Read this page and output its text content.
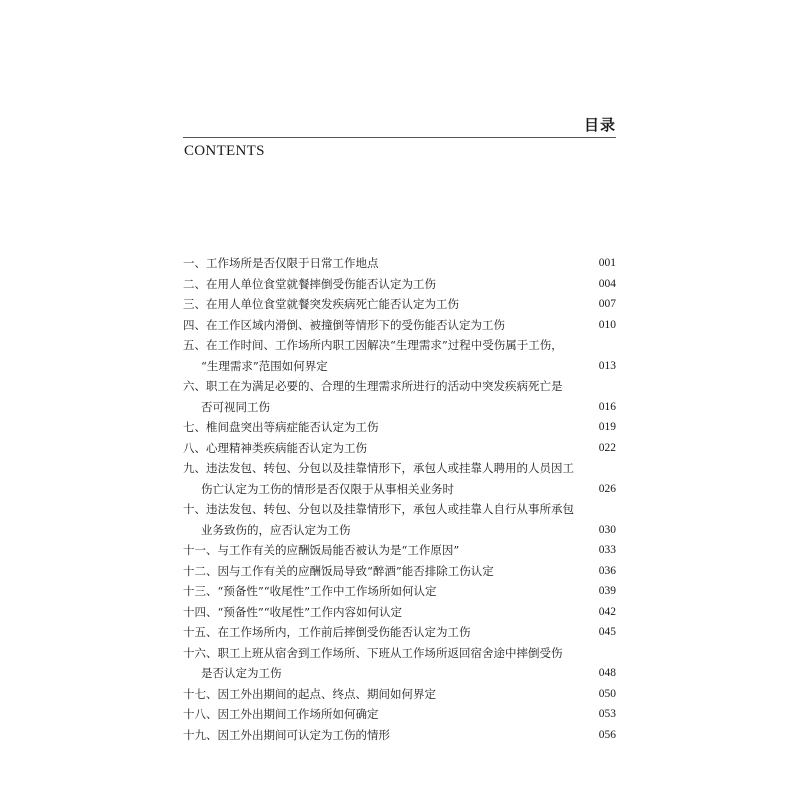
目录
CONTENTS
一、工作场所是否仅限于日常工作地点	001
二、在用人单位食堂就餐摔倒受伤能否认定为工伤	004
三、在用人单位食堂就餐突发疾病死亡能否认定为工伤	007
四、在工作区域内滑倒、被撞倒等情形下的受伤能否认定为工伤	010
五、在工作时间、工作场所内职工因解决“生理需求”过程中受伤属于工伤，
“生理需求”范围如何界定	013
六、职工在为满足必要的、合理的生理需求所进行的活动中突发疾病死亡是
否可视同工伤	016
七、椎间盘突出等病症能否认定为工伤	019
八、心理精神类疾病能否认定为工伤	022
九、违法发包、转包、分包以及挂靠情形下，承包人或挂靠人聘用的人员因工
伤亡认定为工伤的情形是否仅限于从事相关业务时	026
十、违法发包、转包、分包以及挂靠情形下，承包人或挂靠人自行从事所承包
业务致伤的，应否认定为工伤	030
十一、与工作有关的应酬饭局能否被认为是“工作原因”	033
十二、因与工作有关的应酬饭局导致“醉酒”能否排除工伤认定	036
十三、“预备性”“收尾性”工作中工作场所如何认定	039
十四、“预备性”“收尾性”工作内容如何认定	042
十五、在工作场所内，工作前后摔倒受伤能否认定为工伤	045
十六、职工上班从宿舍到工作场所、下班从工作场所返回宿舍途中摔倒受伤
是否认定为工伤	048
十七、因工外出期间的起点、终点、期间如何界定	050
十八、因工外出期间工作场所如何确定	053
十九、因工外出期间可认定为工伤的情形	056
